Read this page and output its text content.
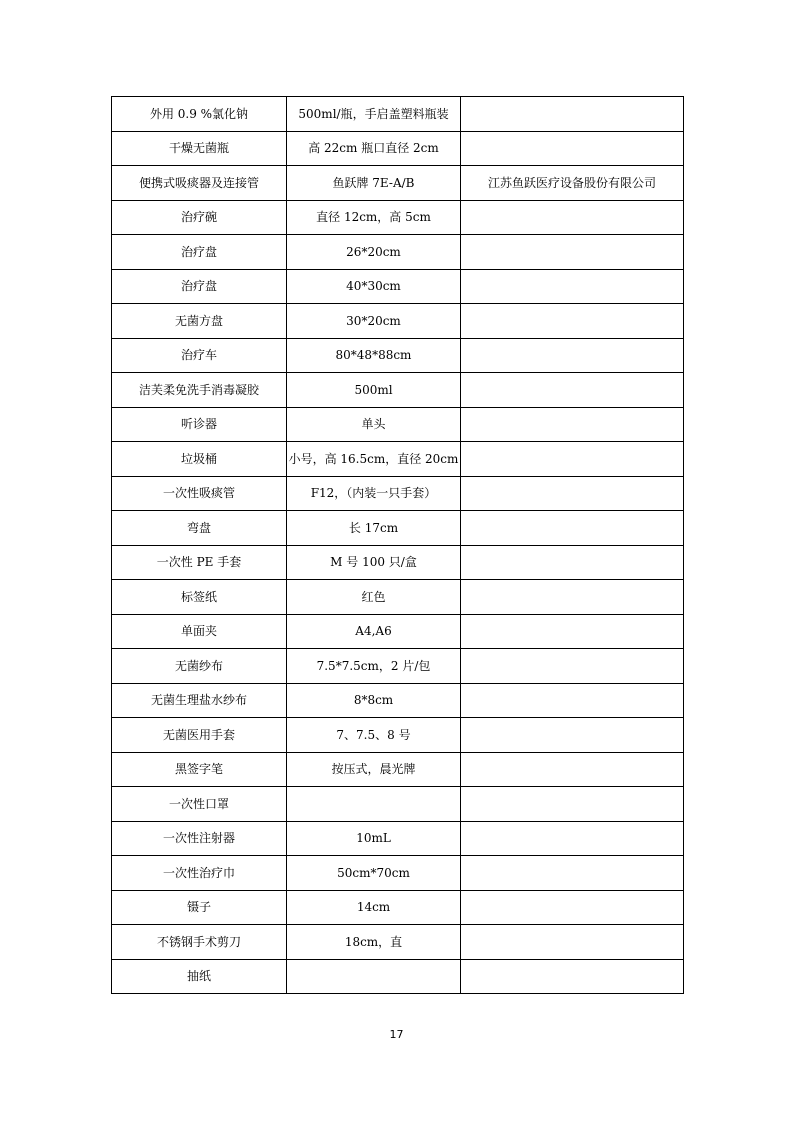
外用 0.9 %氯化钠	500ml/瓶，手启盖塑料瓶装	
干燥无菌瓶	高 22cm 瓶口直径 2cm	
便携式吸痰器及连接管	鱼跃牌 7E-A/B	江苏鱼跃医疗设备股份有限公司
治疗碗	直径 12cm，高 5cm	
治疗盘	26*20cm	
治疗盘	40*30cm	
无菌方盘	30*20cm	
治疗车	80*48*88cm	
洁芙柔免洗手消毒凝胶	500ml	
听诊器	单头	
垃圾桶	小号，高 16.5cm，直径 20cm	
一次性吸痰管	F12，（内装一只手套）	
弯盘	长 17cm	
一次性 PE 手套	M 号 100 只/盒	
标签纸	红色	
单面夹	A4,A6	
无菌纱布	7.5*7.5cm，2 片/包	
无菌生理盐水纱布	8*8cm	
无菌医用手套	7、7.5、8 号	
黑签字笔	按压式，晨光牌	
一次性口罩		
一次性注射器	10mL	
一次性治疗巾	50cm*70cm	
镊子	14cm	
不锈钢手术剪刀	18cm，直	
抽纸		
17
